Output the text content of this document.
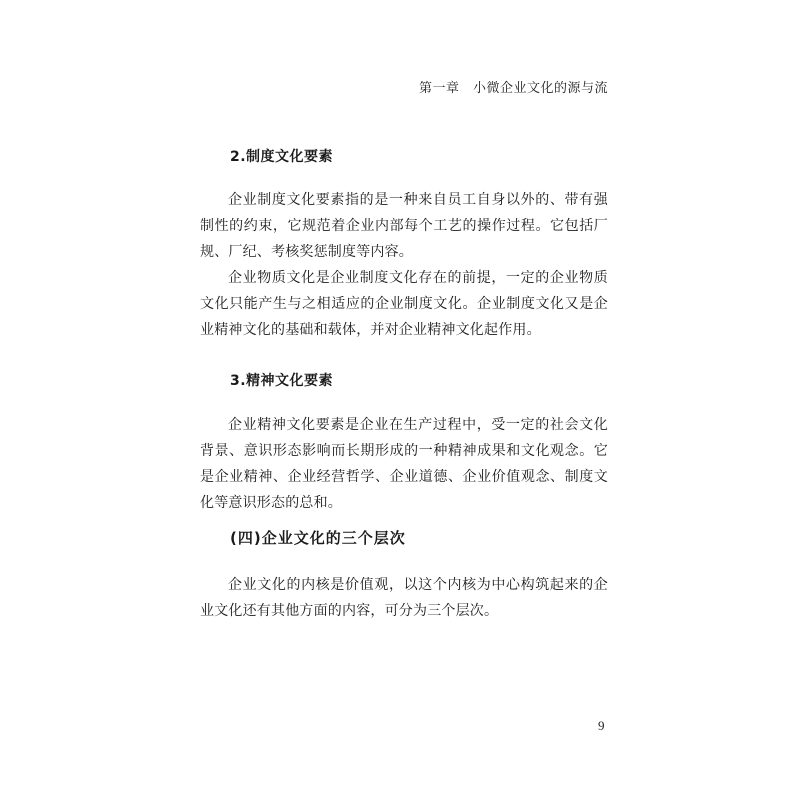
第一章　小微企业文化的源与流
2.制度文化要素

企业制度文化要素指的是一种来自员工自身以外的、带有强制性的约束，它规范着企业内部每个工艺的操作过程。它包括厂规、厂纪、考核奖惩制度等内容。

企业物质文化是企业制度文化存在的前提，一定的企业物质文化只能产生与之相适应的企业制度文化。企业制度文化又是企业精神文化的基础和载体，并对企业精神文化起作用。

3.精神文化要素

企业精神文化要素是企业在生产过程中，受一定的社会文化背景、意识形态影响而长期形成的一种精神成果和文化观念。它是企业精神、企业经营哲学、企业道德、企业价值观念、制度文化等意识形态的总和。

(四)企业文化的三个层次

企业文化的内核是价值观，以这个内核为中心构筑起来的企业文化还有其他方面的内容，可分为三个层次。

9
